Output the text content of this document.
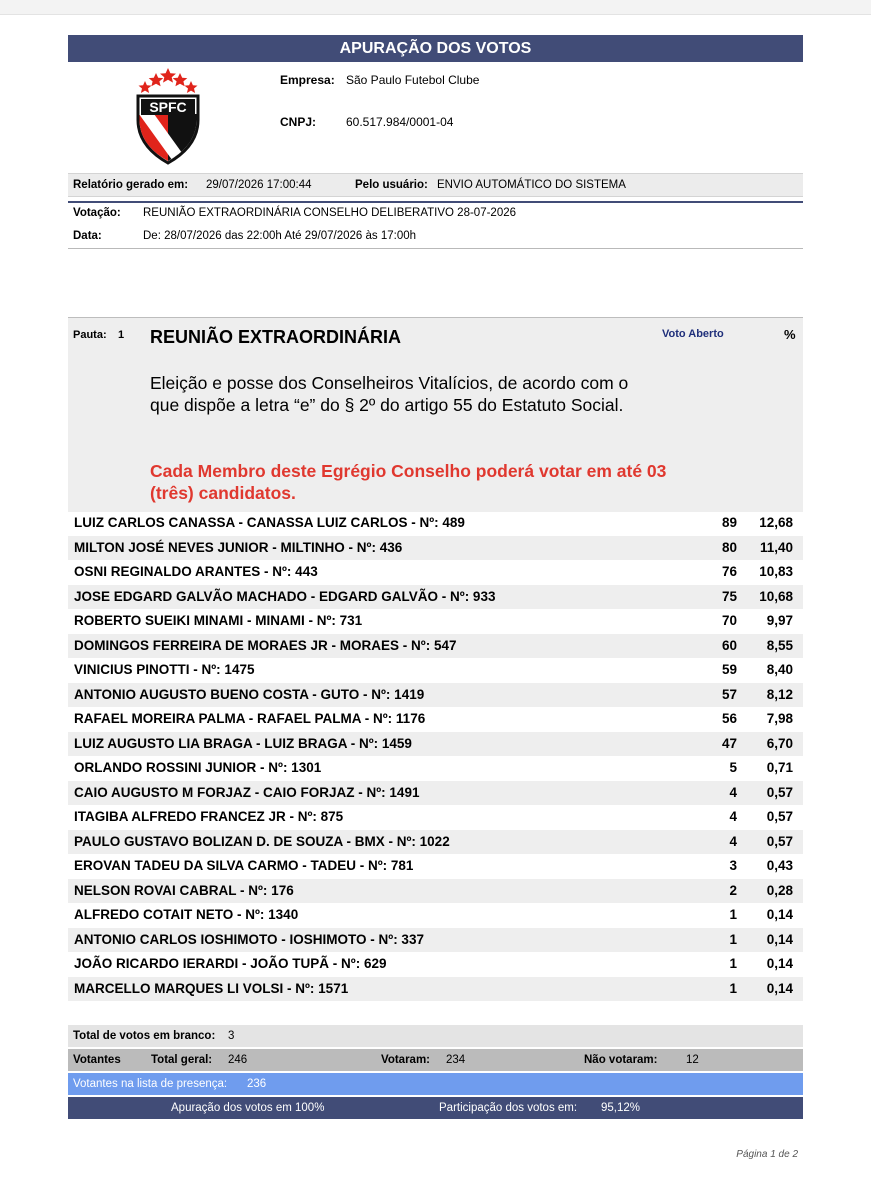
APURAÇÃO DOS VOTOS
SPFC
Empresa: São Paulo Futebol Clube
CNPJ: 60.517.984/0001-04
Relatório gerado em: 29/07/2026 17:00:44	Pelo usuário: ENVIO AUTOMÁTICO DO SISTEMA
Votação: REUNIÃO EXTRAORDINÁRIA CONSELHO DELIBERATIVO 28-07-2026
Data:	De: 28/07/2026 das 22:00h Até 29/07/2026 às 17:00h
Pauta: 1 REUNIÃO EXTRAORDINÁRIA	Voto Aberto	%
Eleição e posse dos Conselheiros Vitalícios, de acordo com o que dispõe a letra “e” do § 2º do artigo 55 do Estatuto Social.
Cada Membro deste Egrégio Conselho poderá votar em até 03 (três) candidatos.
LUIZ CARLOS CANASSA - CANASSA LUIZ CARLOS - Nº: 489	89 12,68
MILTON JOSÉ NEVES JUNIOR - MILTINHO - Nº: 436	80 11,40
OSNI REGINALDO ARANTES - Nº: 443	76 10,83
JOSE EDGARD GALVÃO MACHADO - EDGARD GALVÃO - Nº: 933	75 10,68
ROBERTO SUEIKI MINAMI - MINAMI - Nº: 731	70 9,97
DOMINGOS FERREIRA DE MORAES JR - MORAES - Nº: 547	60 8,55
VINICIUS PINOTTI - Nº: 1475	59 8,40
ANTONIO AUGUSTO BUENO COSTA - GUTO - Nº: 1419	57 8,12
RAFAEL MOREIRA PALMA - RAFAEL PALMA - Nº: 1176	56 7,98
LUIZ AUGUSTO LIA BRAGA - LUIZ BRAGA - Nº: 1459	47 6,70
ORLANDO ROSSINI JUNIOR - Nº: 1301	5 0,71
CAIO AUGUSTO M FORJAZ - CAIO FORJAZ - Nº: 1491	4 0,57
ITAGIBA ALFREDO FRANCEZ JR - Nº: 875	4 0,57
PAULO GUSTAVO BOLIZAN D. DE SOUZA - BMX - Nº: 1022	4 0,57
EROVAN TADEU DA SILVA CARMO - TADEU - Nº: 781	3 0,43
NELSON ROVAI CABRAL - Nº: 176	2 0,28
ALFREDO COTAIT NETO - Nº: 1340	1 0,14
ANTONIO CARLOS IOSHIMOTO - IOSHIMOTO - Nº: 337	1 0,14
JOÃO RICARDO IERARDI - JOÃO TUPÃ - Nº: 629	1 0,14
MARCELLO MARQUES LI VOLSI - Nº: 1571	1 0,14
Total de votos em branco: 3
Votantes	Total geral: 246	Votaram: 234	Não votaram: 12
Votantes na lista de presença: 236
Apuração dos votos em 100%	Participação dos votos em: 95,12%
Página 1 de 2
